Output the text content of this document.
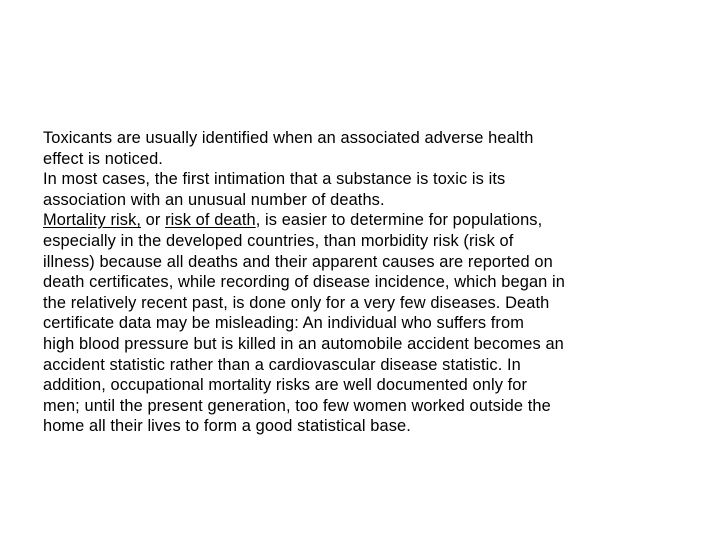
Toxicants are usually identified when an associated adverse health
effect is noticed.

In most cases, the first intimation that a substance is toxic is its
association with an unusual number of deaths.

Mortality risk, or risk of death, is easier to determine for populations,
especially in the developed countries, than morbidity risk (risk of
illness) because all deaths and their apparent causes are reported on
death certificates, while recording of disease incidence, which began in
the relatively recent past, is done only for a very few diseases. Death
certificate data may be misleading: An individual who suffers from
high blood pressure but is killed in an automobile accident becomes an
accident statistic rather than a cardiovascular disease statistic. In
addition, occupational mortality risks are well documented only for
men; until the present generation, too few women worked outside the
home all their lives to form a good statistical base.
